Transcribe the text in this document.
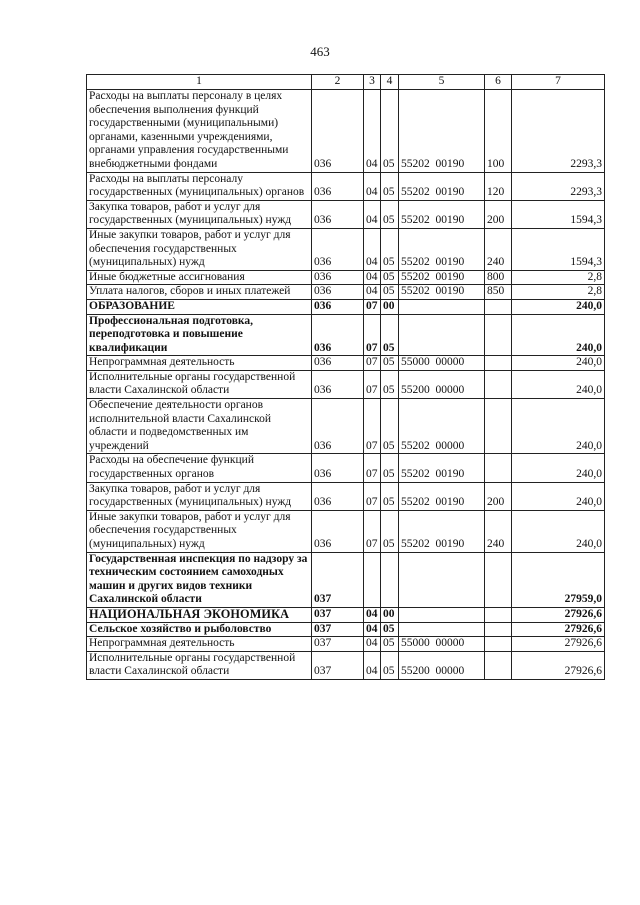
463
1	2	3	4	5	6	7
Расходы на выплаты персоналу в целях обеспечения выполнения функций государственными (муниципальными) органами, казенными учреждениями, органами управления государственными внебюджетными фондами	036	04	05	55202  00190	100	2293,3
Расходы на выплаты персоналу государственных (муниципальных) органов	036	04	05	55202  00190	120	2293,3
Закупка товаров, работ и услуг для государственных (муниципальных) нужд	036	04	05	55202  00190	200	1594,3
Иные закупки товаров, работ и услуг для обеспечения государственных (муниципальных) нужд	036	04	05	55202  00190	240	1594,3
Иные бюджетные ассигнования	036	04	05	55202  00190	800	2,8
Уплата налогов, сборов и иных платежей	036	04	05	55202  00190	850	2,8
ОБРАЗОВАНИЕ	036	07	00			240,0
Профессиональная подготовка, переподготовка и повышение квалификации	036	07	05			240,0
Непрограммная деятельность	036	07	05	55000  00000		240,0
Исполнительные органы государственной власти Сахалинской области	036	07	05	55200  00000		240,0
Обеспечение деятельности органов исполнительной власти Сахалинской области и подведомственных им учреждений	036	07	05	55202  00000		240,0
Расходы на обеспечение функций государственных органов	036	07	05	55202  00190		240,0
Закупка товаров, работ и услуг для государственных (муниципальных) нужд	036	07	05	55202  00190	200	240,0
Иные закупки товаров, работ и услуг для обеспечения государственных (муниципальных) нужд	036	07	05	55202  00190	240	240,0
Государственная инспекция по надзору за техническим состоянием самоходных машин и других видов техники Сахалинской области	037					27959,0
НАЦИОНАЛЬНАЯ ЭКОНОМИКА	037	04	00			27926,6
Сельское хозяйство и рыболовство	037	04	05			27926,6
Непрограммная деятельность	037	04	05	55000  00000		27926,6
Исполнительные органы государственной власти Сахалинской области	037	04	05	55200  00000		27926,6
